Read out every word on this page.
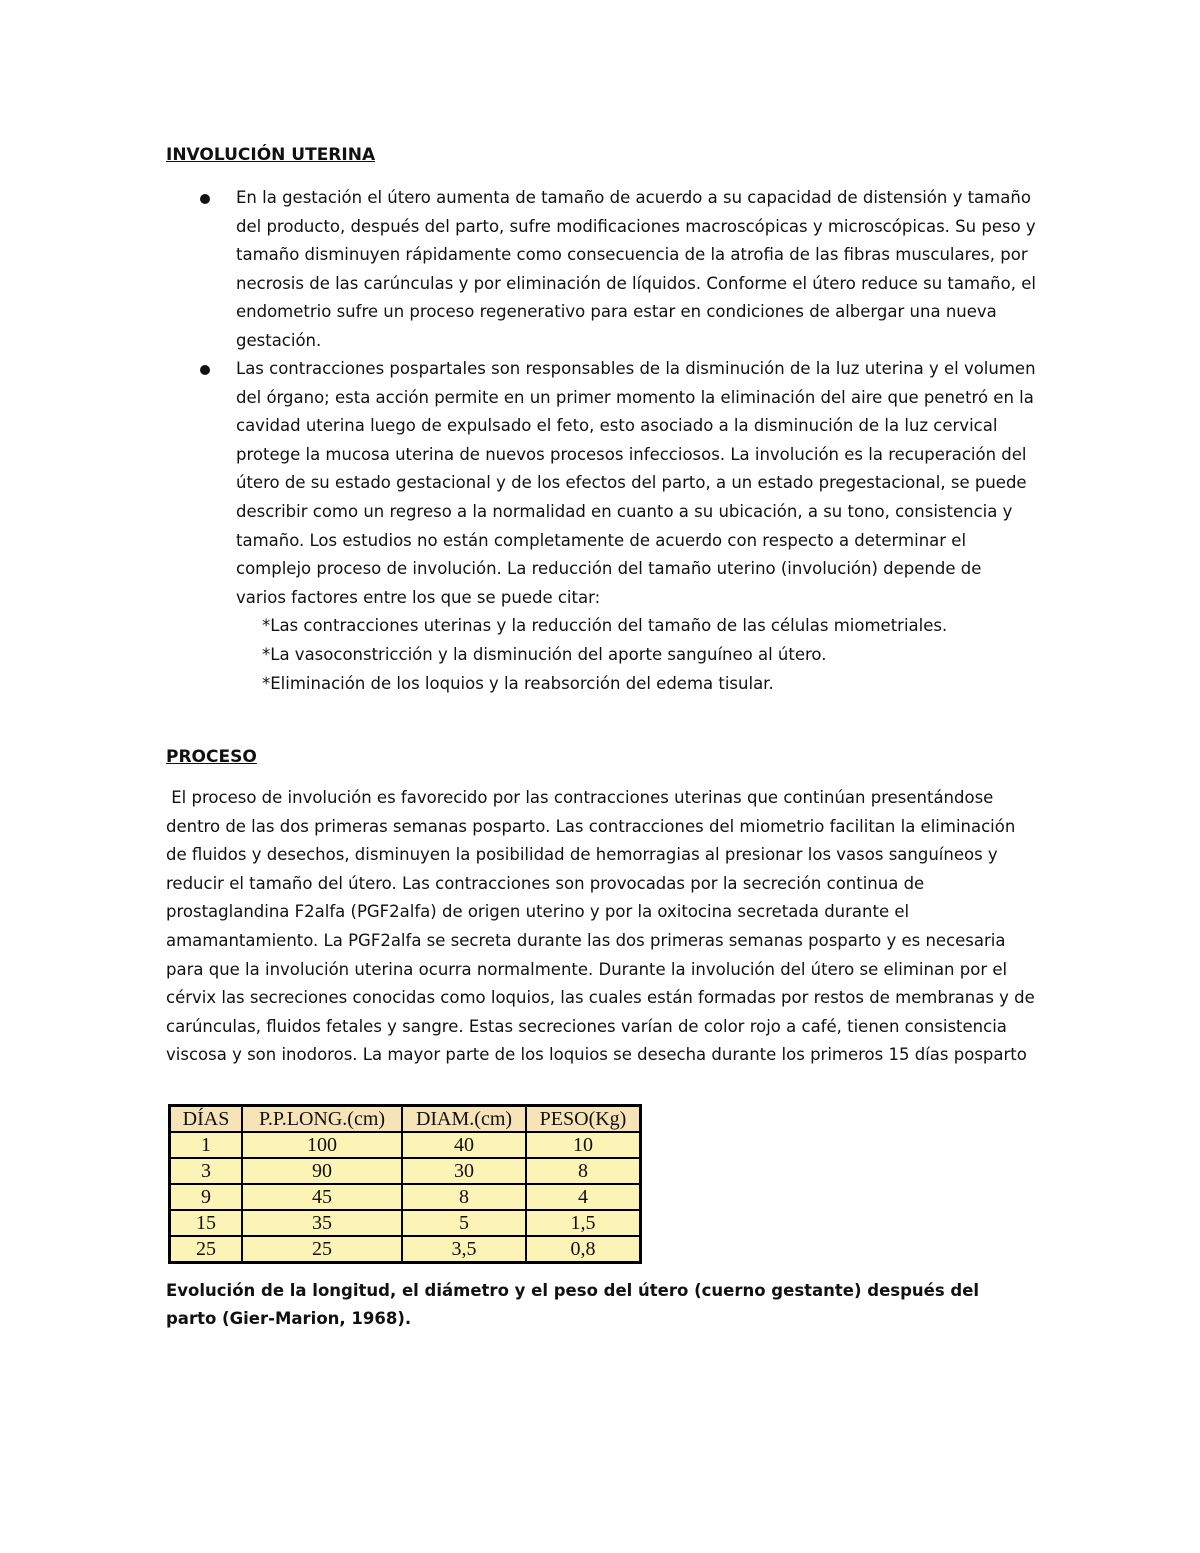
INVOLUCIÓN UTERINA
En la gestación el útero aumenta de tamaño de acuerdo a su capacidad de distensión y tamaño del producto, después del parto, sufre modificaciones macroscópicas y microscópicas. Su peso y tamaño disminuyen rápidamente como consecuencia de la atrofia de las fibras musculares, por necrosis de las carúnculas y por eliminación de líquidos. Conforme el útero reduce su tamaño, el endometrio sufre un proceso regenerativo para estar en condiciones de albergar una nueva gestación.
Las contracciones pospartales son responsables de la disminución de la luz uterina y el volumen del órgano; esta acción permite en un primer momento la eliminación del aire que penetró en la cavidad uterina luego de expulsado el feto, esto asociado a la disminución de la luz cervical protege la mucosa uterina de nuevos procesos infecciosos. La involución es la recuperación del útero de su estado gestacional y de los efectos del parto, a un estado pregestacional, se puede describir como un regreso a la normalidad en cuanto a su ubicación, a su tono, consistencia y tamaño. Los estudios no están completamente de acuerdo con respecto a determinar el complejo proceso de involución. La reducción del tamaño uterino (involución) depende de varios factores entre los que se puede citar:
*Las contracciones uterinas y la reducción del tamaño de las células miometriales.
*La vasoconstricción y la disminución del aporte sanguíneo al útero.
*Eliminación de los loquios y la reabsorción del edema tisular.
PROCESO

El proceso de involución es favorecido por las contracciones uterinas que continúan presentándose dentro de las dos primeras semanas posparto. Las contracciones del miometrio facilitan la eliminación de fluidos y desechos, disminuyen la posibilidad de hemorragias al presionar los vasos sanguíneos y reducir el tamaño del útero. Las contracciones son provocadas por la secreción continua de prostaglandina F2alfa (PGF2alfa) de origen uterino y por la oxitocina secretada durante el amamantamiento. La PGF2alfa se secreta durante las dos primeras semanas posparto y es necesaria para que la involución uterina ocurra normalmente. Durante la involución del útero se eliminan por el cérvix las secreciones conocidas como loquios, las cuales están formadas por restos de membranas y de carúnculas, fluidos fetales y sangre. Estas secreciones varían de color rojo a café, tienen consistencia viscosa y son inodoros. La mayor parte de los loquios se desecha durante los primeros 15 días posparto

DÍAS	P.P.LONG.(cm)	DIAM.(cm)	PESO(Kg)
1	100	40	10
3	90	30	8
9	45	8	4
15	35	5	1,5
25	25	3,5	0,8
Evolución de la longitud, el diámetro y el peso del útero (cuerno gestante) después del parto (Gier-Marion, 1968).
